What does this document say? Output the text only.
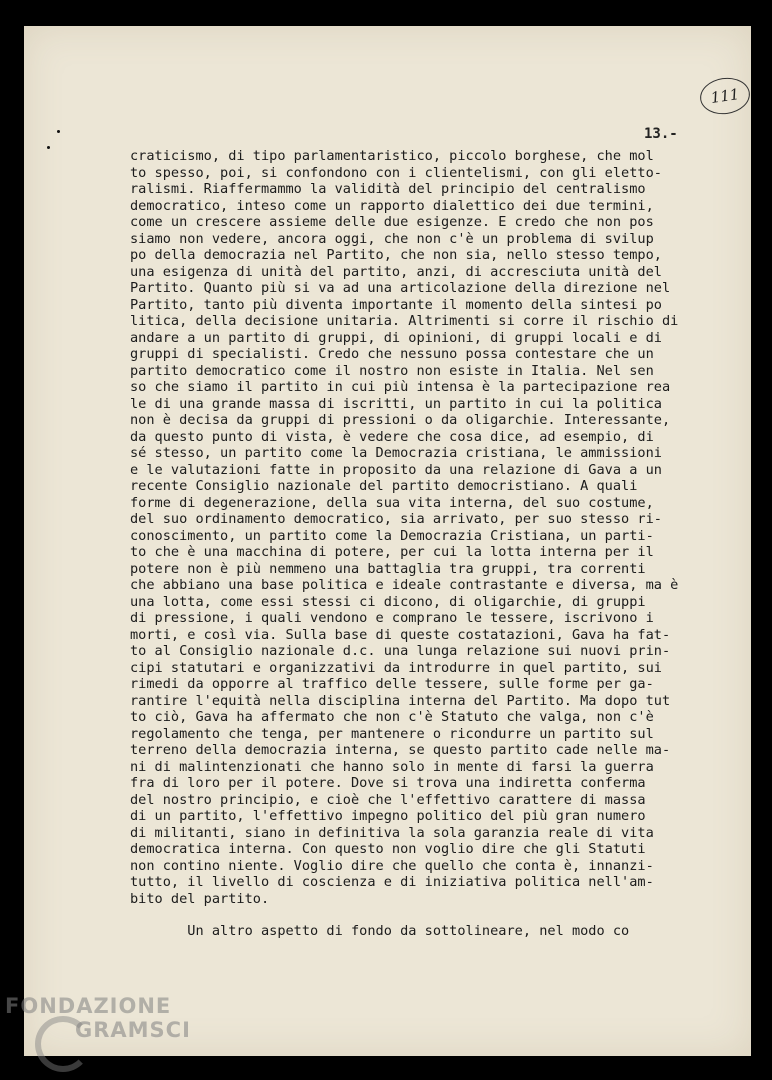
111
13.-
craticismo, di tipo parlamentaristico, piccolo borghese, che mol
to spesso, poi, si confondono con i clientelismi, con gli eletto-
ralismi. Riaffermammo la validità del principio del centralismo
democratico, inteso come un rapporto dialettico dei due termini,
come un crescere assieme delle due esigenze. E credo che non pos
siamo non vedere, ancora oggi, che non c'è un problema di svilup
po della democrazia nel Partito, che non sia, nello stesso tempo,
una esigenza di unità del partito, anzi, di accresciuta unità del
Partito. Quanto più si va ad una articolazione della direzione nel
Partito, tanto più diventa importante il momento della sintesi po
litica, della decisione unitaria. Altrimenti si corre il rischio di
andare a un partito di gruppi, di opinioni, di gruppi locali e di
gruppi di specialisti. Credo che nessuno possa contestare che un
partito democratico come il nostro non esiste in Italia. Nel sen
so che siamo il partito in cui più intensa è la partecipazione rea
le di una grande massa di iscritti, un partito in cui la politica
non è decisa da gruppi di pressioni o da oligarchie. Interessante,
da questo punto di vista, è vedere che cosa dice, ad esempio, di
sé stesso, un partito come la Democrazia cristiana, le ammissioni
e le valutazioni fatte in proposito da una relazione di Gava a un
recente Consiglio nazionale del partito democristiano. A quali
forme di degenerazione, della sua vita interna, del suo costume,
del suo ordinamento democratico, sia arrivato, per suo stesso ri-
conoscimento, un partito come la Democrazia Cristiana, un parti-
to che è una macchina di potere, per cui la lotta interna per il
potere non è più nemmeno una battaglia tra gruppi, tra correnti
che abbiano una base politica e ideale contrastante e diversa, ma è
una lotta, come essi stessi ci dicono, di oligarchie, di gruppi
di pressione, i quali vendono e comprano le tessere, iscrivono i
morti, e così via. Sulla base di queste costatazioni, Gava ha fat-
to al Consiglio nazionale d.c. una lunga relazione sui nuovi prin-
cipi statutari e organizzativi da introdurre in quel partito, sui
rimedi da opporre al traffico delle tessere, sulle forme per ga-
rantire l'equità nella disciplina interna del Partito. Ma dopo tut
to ciò, Gava ha affermato che non c'è Statuto che valga, non c'è
regolamento che tenga, per mantenere o ricondurre un partito sul
terreno della democrazia interna, se questo partito cade nelle ma-
ni di malintenzionati che hanno solo in mente di farsi la guerra
fra di loro per il potere. Dove si trova una indiretta conferma
del nostro principio, e cioè che l'effettivo carattere di massa
di un partito, l'effettivo impegno politico del più gran numero
di militanti, siano in definitiva la sola garanzia reale di vita
democratica interna. Con questo non voglio dire che gli Statuti
non contino niente. Voglio dire che quello che conta è, innanzi-
tutto, il livello di coscienza e di iniziativa politica nell'am-
bito del partito.
Un altro aspetto di fondo da sottolineare, nel modo co
FONDAZIONE
GRAMSCI
